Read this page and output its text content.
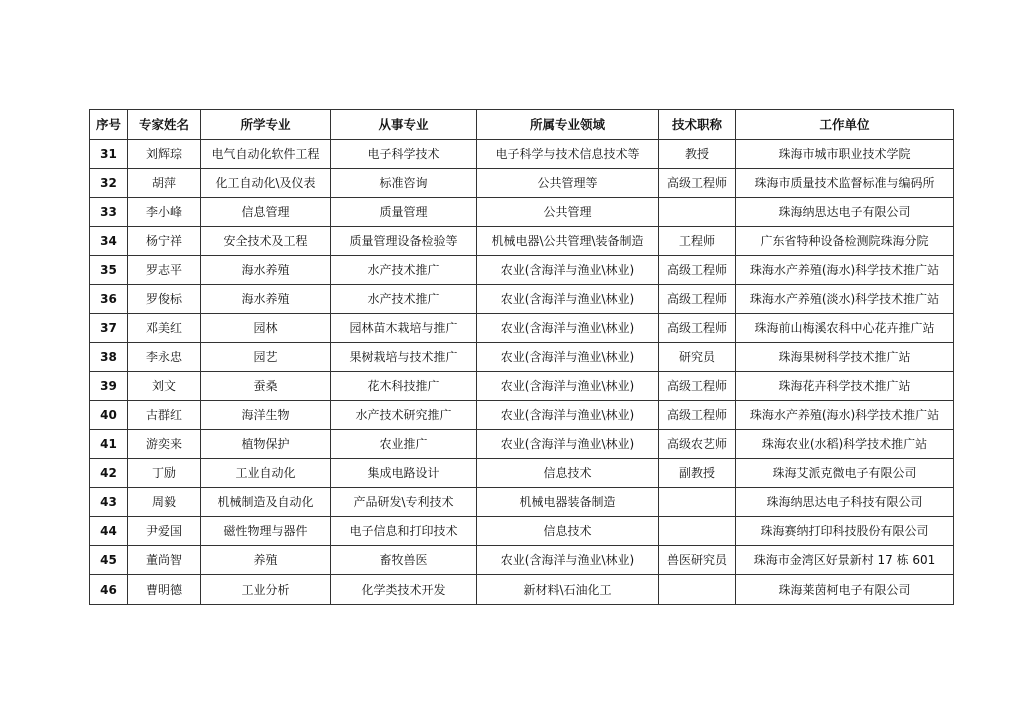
序号	专家姓名	所学专业	从事专业	所属专业领域	技术职称	工作单位
31	刘辉琮	电气自动化软件工程	电子科学技术	电子科学与技术信息技术等	教授	珠海市城市职业技术学院
32	胡萍	化工自动化\及仪表	标准咨询	公共管理等	高级工程师	珠海市质量技术监督标准与编码所
33	李小峰	信息管理	质量管理	公共管理		珠海纳思达电子有限公司
34	杨宁祥	安全技术及工程	质量管理设备检验等	机械电器\公共管理\装备制造	工程师	广东省特种设备检测院珠海分院
35	罗志平	海水养殖	水产技术推广	农业(含海洋与渔业\林业)	高级工程师	珠海水产养殖(海水)科学技术推广站
36	罗俊标	海水养殖	水产技术推广	农业(含海洋与渔业\林业)	高级工程师	珠海水产养殖(淡水)科学技术推广站
37	邓美红	园林	园林苗木栽培与推广	农业(含海洋与渔业\林业)	高级工程师	珠海前山梅溪农科中心花卉推广站
38	李永忠	园艺	果树栽培与技术推广	农业(含海洋与渔业\林业)	研究员	珠海果树科学技术推广站
39	刘文	蚕桑	花木科技推广	农业(含海洋与渔业\林业)	高级工程师	珠海花卉科学技术推广站
40	古群红	海洋生物	水产技术研究推广	农业(含海洋与渔业\林业)	高级工程师	珠海水产养殖(海水)科学技术推广站
41	游奕来	植物保护	农业推广	农业(含海洋与渔业\林业)	高级农艺师	珠海农业(水稻)科学技术推广站
42	丁励	工业自动化	集成电路设计	信息技术	副教授	珠海艾派克微电子有限公司
43	周毅	机械制造及自动化	产品研发\专利技术	机械电器装备制造		珠海纳思达电子科技有限公司
44	尹爱国	磁性物理与器件	电子信息和打印技术	信息技术		珠海赛纳打印科技股份有限公司
45	董尚智	养殖	畜牧兽医	农业(含海洋与渔业\林业)	兽医研究员	珠海市金湾区好景新村 17 栋 601
46	曹明德	工业分析	化学类技术开发	新材料\石油化工		珠海莱茵柯电子有限公司
